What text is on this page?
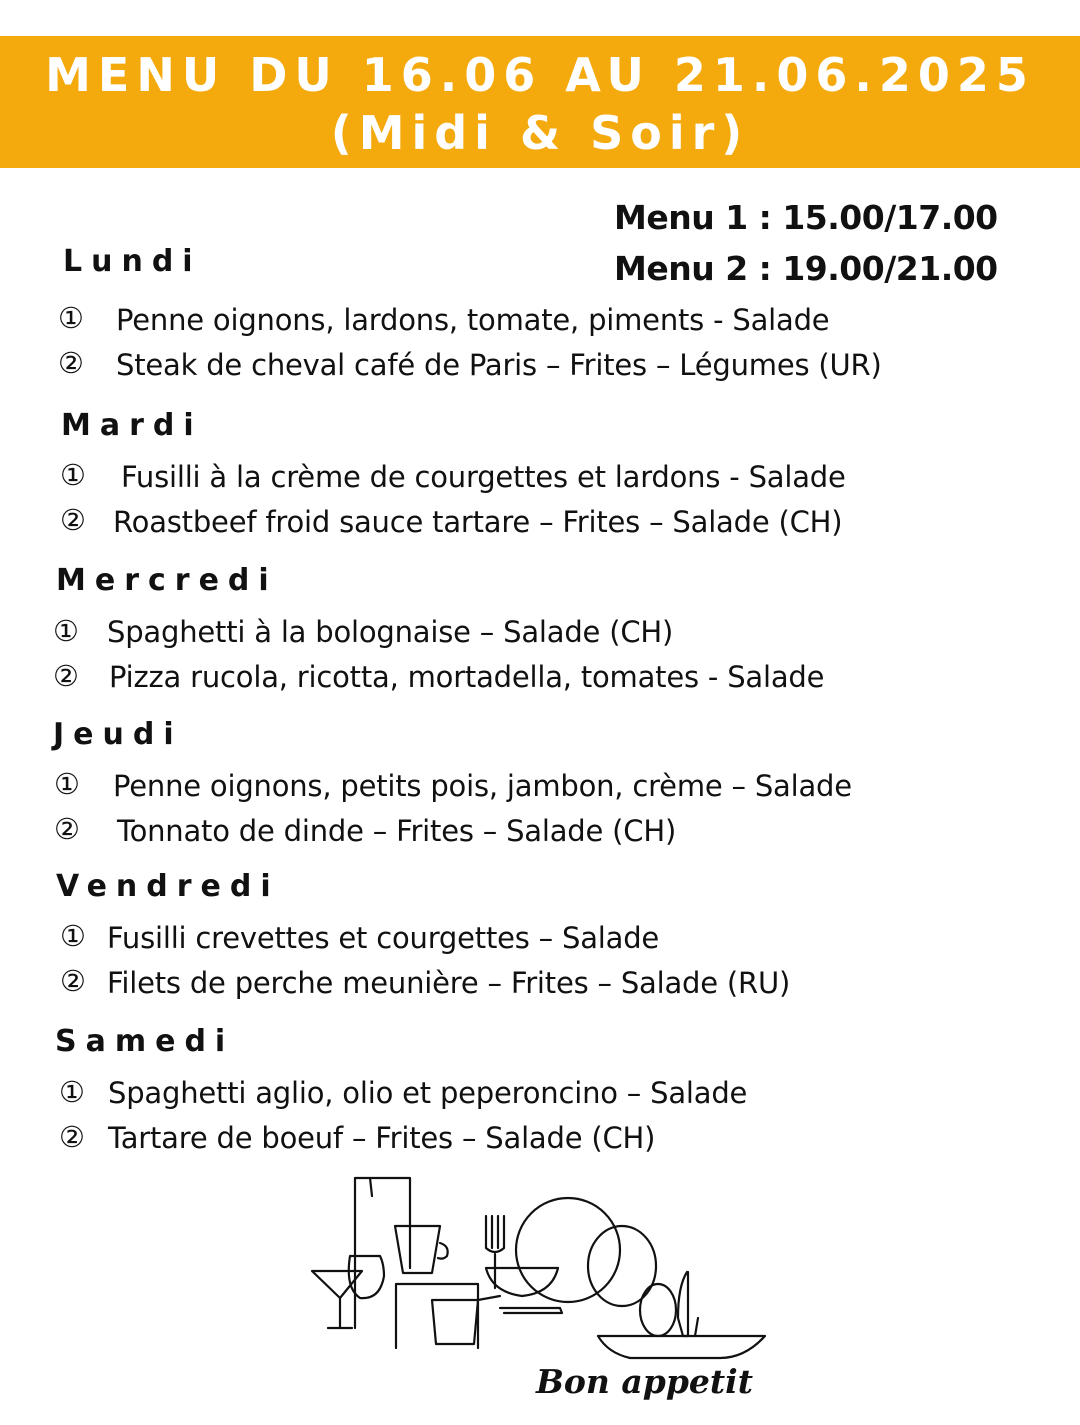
MENU DU 16.06 AU 21.06.2025
(Midi & Soir)
Menu 1 : 15.00/17.00
Menu 2 : 19.00/21.00
Lundi
① Penne oignons, lardons, tomate, piments - Salade
② Steak de cheval café de Paris – Frites – Légumes (UR)
Mardi
① Fusilli à la crème de courgettes et lardons - Salade
② Roastbeef froid sauce tartare – Frites – Salade (CH)
Mercredi
① Spaghetti à la bolognaise – Salade (CH)
② Pizza rucola, ricotta, mortadella, tomates - Salade
Jeudi
① Penne oignons, petits pois, jambon, crème – Salade
② Tonnato de dinde – Frites – Salade (CH)
Vendredi
① Fusilli crevettes et courgettes – Salade
② Filets de perche meunière – Frites – Salade (RU)
Samedi
① Spaghetti aglio, olio et peperoncino – Salade
② Tartare de boeuf – Frites – Salade (CH)
Bon appetit
